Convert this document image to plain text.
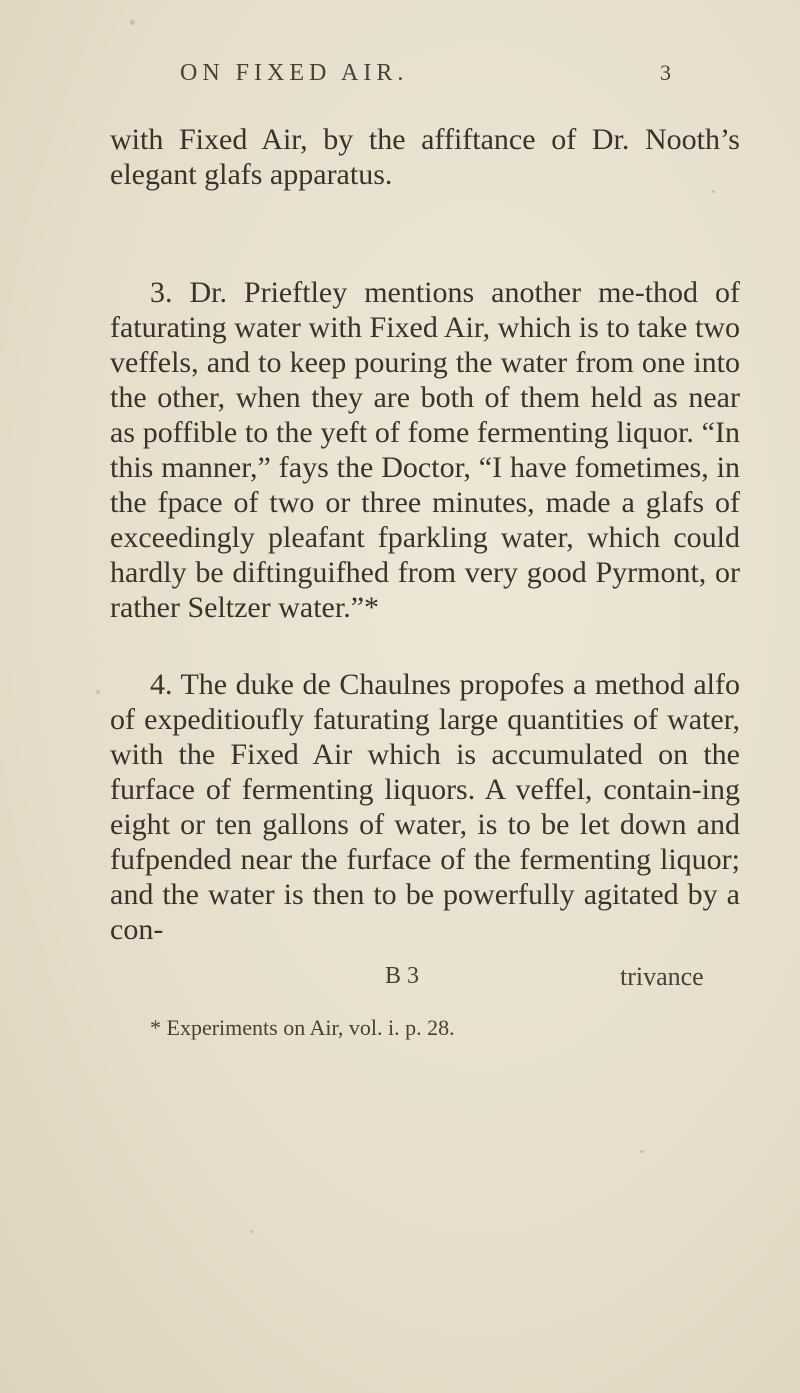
ON FIXED AIR.	3

with Fixed Air, by the affiftance of Dr. Nooth’s elegant glafs apparatus.

3. Dr. Prieftley mentions another me-thod of faturating water with Fixed Air, which is to take two veffels, and to keep pouring the water from one into the other, when they are both of them held as near as poffible to the yeft of fome fermenting liquor. “In this manner,” fays the Doctor, “I have fometimes, in the fpace of two or three minutes, made a glafs of exceedingly pleafant fparkling water, which could hardly be diftinguifhed from very good Pyrmont, or rather Seltzer water.”*

4. The duke de Chaulnes propofes a method alfo of expeditioufly faturating large quantities of water, with the Fixed Air which is accumulated on the furface of fermenting liquors. A veffel, contain-ing eight or ten gallons of water, is to be let down and fufpended near the furface of the fermenting liquor; and the water is then to be powerfully agitated by a con-

B 3	trivance
* Experiments on Air, vol. i. p. 28.
